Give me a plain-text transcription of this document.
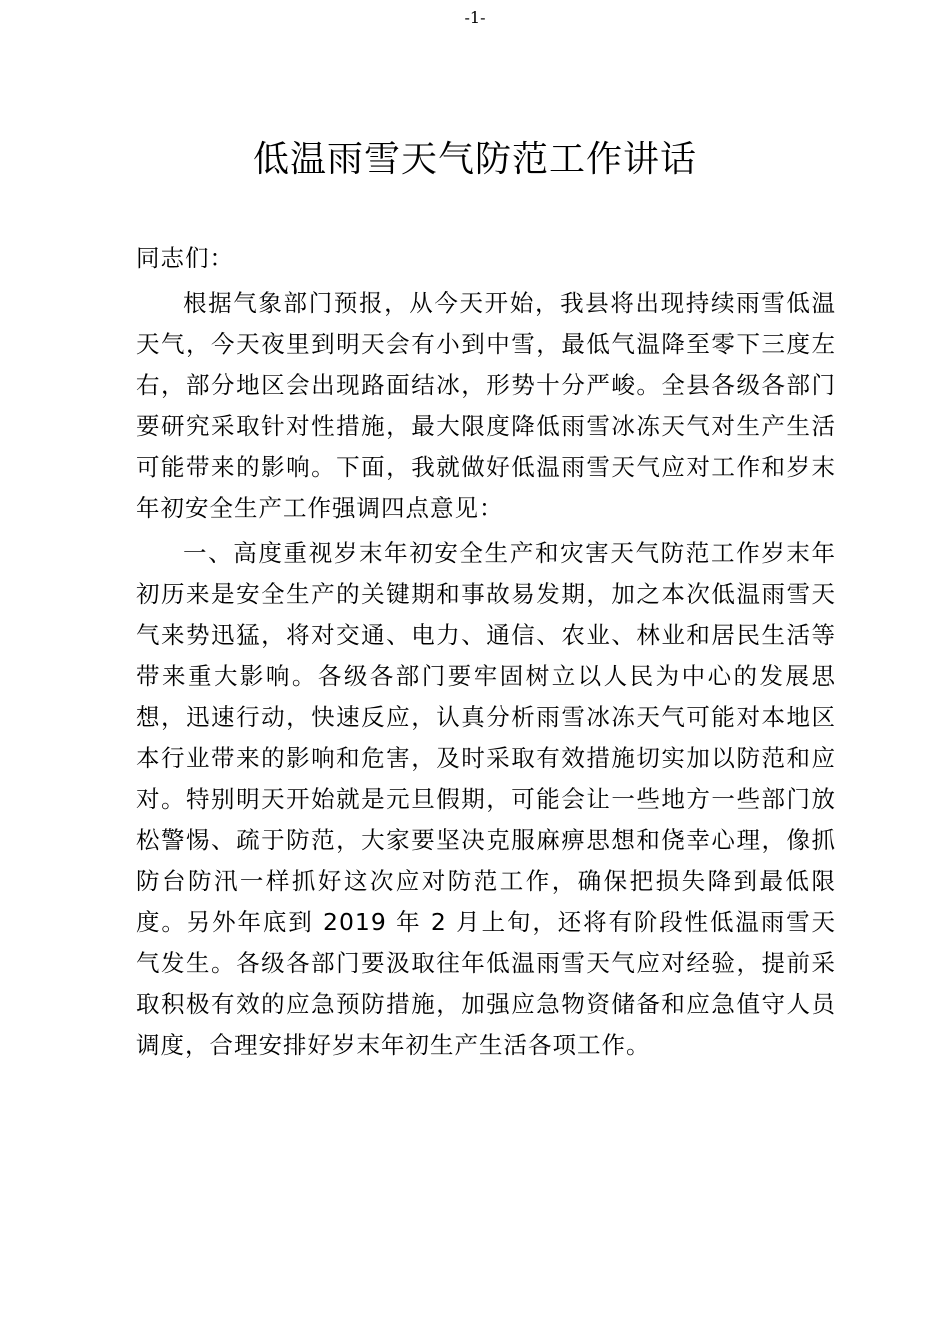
-1-
低温雨雪天气防范工作讲话

同志们：

根据气象部门预报，从今天开始，我县将出现持续雨雪低温天气，今天夜里到明天会有小到中雪，最低气温降至零下三度左右，部分地区会出现路面结冰，形势十分严峻。全县各级各部门要研究采取针对性措施，最大限度降低雨雪冰冻天气对生产生活可能带来的影响。下面，我就做好低温雨雪天气应对工作和岁末年初安全生产工作强调四点意见：

一、高度重视岁末年初安全生产和灾害天气防范工作岁末年初历来是安全生产的关键期和事故易发期，加之本次低温雨雪天气来势迅猛，将对交通、电力、通信、农业、林业和居民生活等带来重大影响。各级各部门要牢固树立以人民为中心的发展思想，迅速行动，快速反应，认真分析雨雪冰冻天气可能对本地区本行业带来的影响和危害，及时采取有效措施切实加以防范和应对。特别明天开始就是元旦假期，可能会让一些地方一些部门放松警惕、疏于防范，大家要坚决克服麻痹思想和侥幸心理，像抓防台防汛一样抓好这次应对防范工作，确保把损失降到最低限度。另外年底到 2019 年 2 月上旬，还将有阶段性低温雨雪天气发生。各级各部门要汲取往年低温雨雪天气应对经验，提前采取积极有效的应急预防措施，加强应急物资储备和应急值守人员调度，合理安排好岁末年初生产生活各项工作。
